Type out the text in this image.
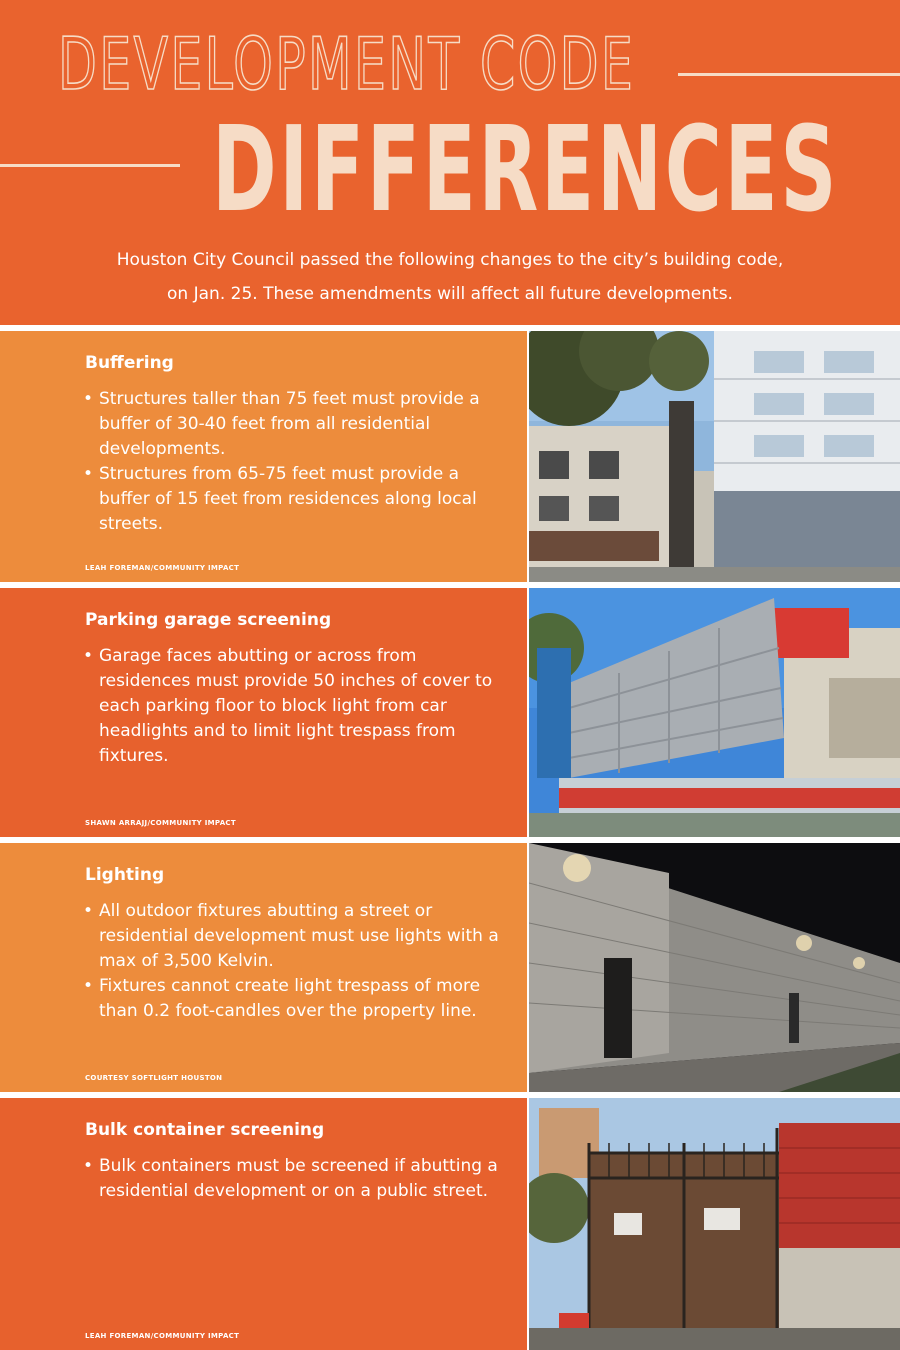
DEVELOPMENT CODE
DIFFERENCES
Houston City Council passed the following changes to the city’s building code,
on Jan. 25. These amendments will affect all future developments.
Buffering
• Structures taller than 75 feet must provide a buffer of 30-40 feet from all residential developments.
• Structures from 65-75 feet must provide a buffer of 15 feet from residences along local streets.
LEAH FOREMAN/COMMUNITY IMPACT
Parking garage screening
• Garage faces abutting or across from residences must provide 50 inches of cover to each parking floor to block light from car headlights and to limit light trespass from fixtures.
SHAWN ARRAJJ/COMMUNITY IMPACT
Lighting
• All outdoor fixtures abutting a street or residential development must use lights with a max of 3,500 Kelvin.
• Fixtures cannot create light trespass of more than 0.2 foot-candles over the property line.
COURTESY SOFTLIGHT HOUSTON
Bulk container screening
• Bulk containers must be screened if abutting a residential development or on a public street.
LEAH FOREMAN/COMMUNITY IMPACT
